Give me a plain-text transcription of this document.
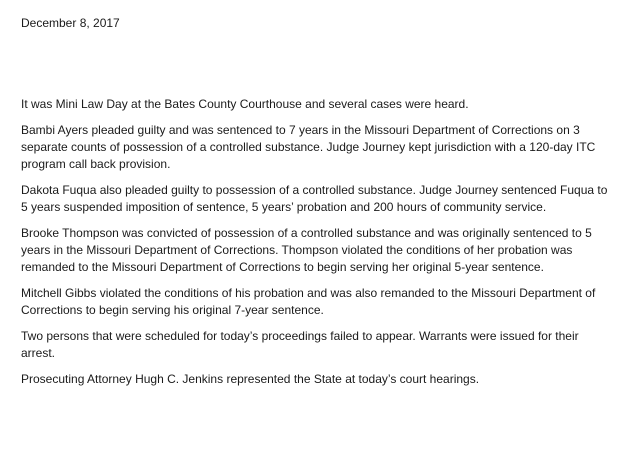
December 8, 2017

It was Mini Law Day at the Bates County Courthouse and several cases were heard.

Bambi Ayers pleaded guilty and was sentenced to 7 years in the Missouri Department of Corrections on 3 separate counts of possession of a controlled substance. Judge Journey kept jurisdiction with a 120-day ITC program call back provision.

Dakota Fuqua also pleaded guilty to possession of a controlled substance. Judge Journey sentenced Fuqua to 5 years suspended imposition of sentence, 5 years’ probation and 200 hours of community service.

Brooke Thompson was convicted of possession of a controlled substance and was originally sentenced to 5 years in the Missouri Department of Corrections. Thompson violated the conditions of her probation was remanded to the Missouri Department of Corrections to begin serving her original 5-year sentence.

Mitchell Gibbs violated the conditions of his probation and was also remanded to the Missouri Department of Corrections to begin serving his original 7-year sentence.

Two persons that were scheduled for today’s proceedings failed to appear. Warrants were issued for their arrest.

Prosecuting Attorney Hugh C. Jenkins represented the State at today’s court hearings.
